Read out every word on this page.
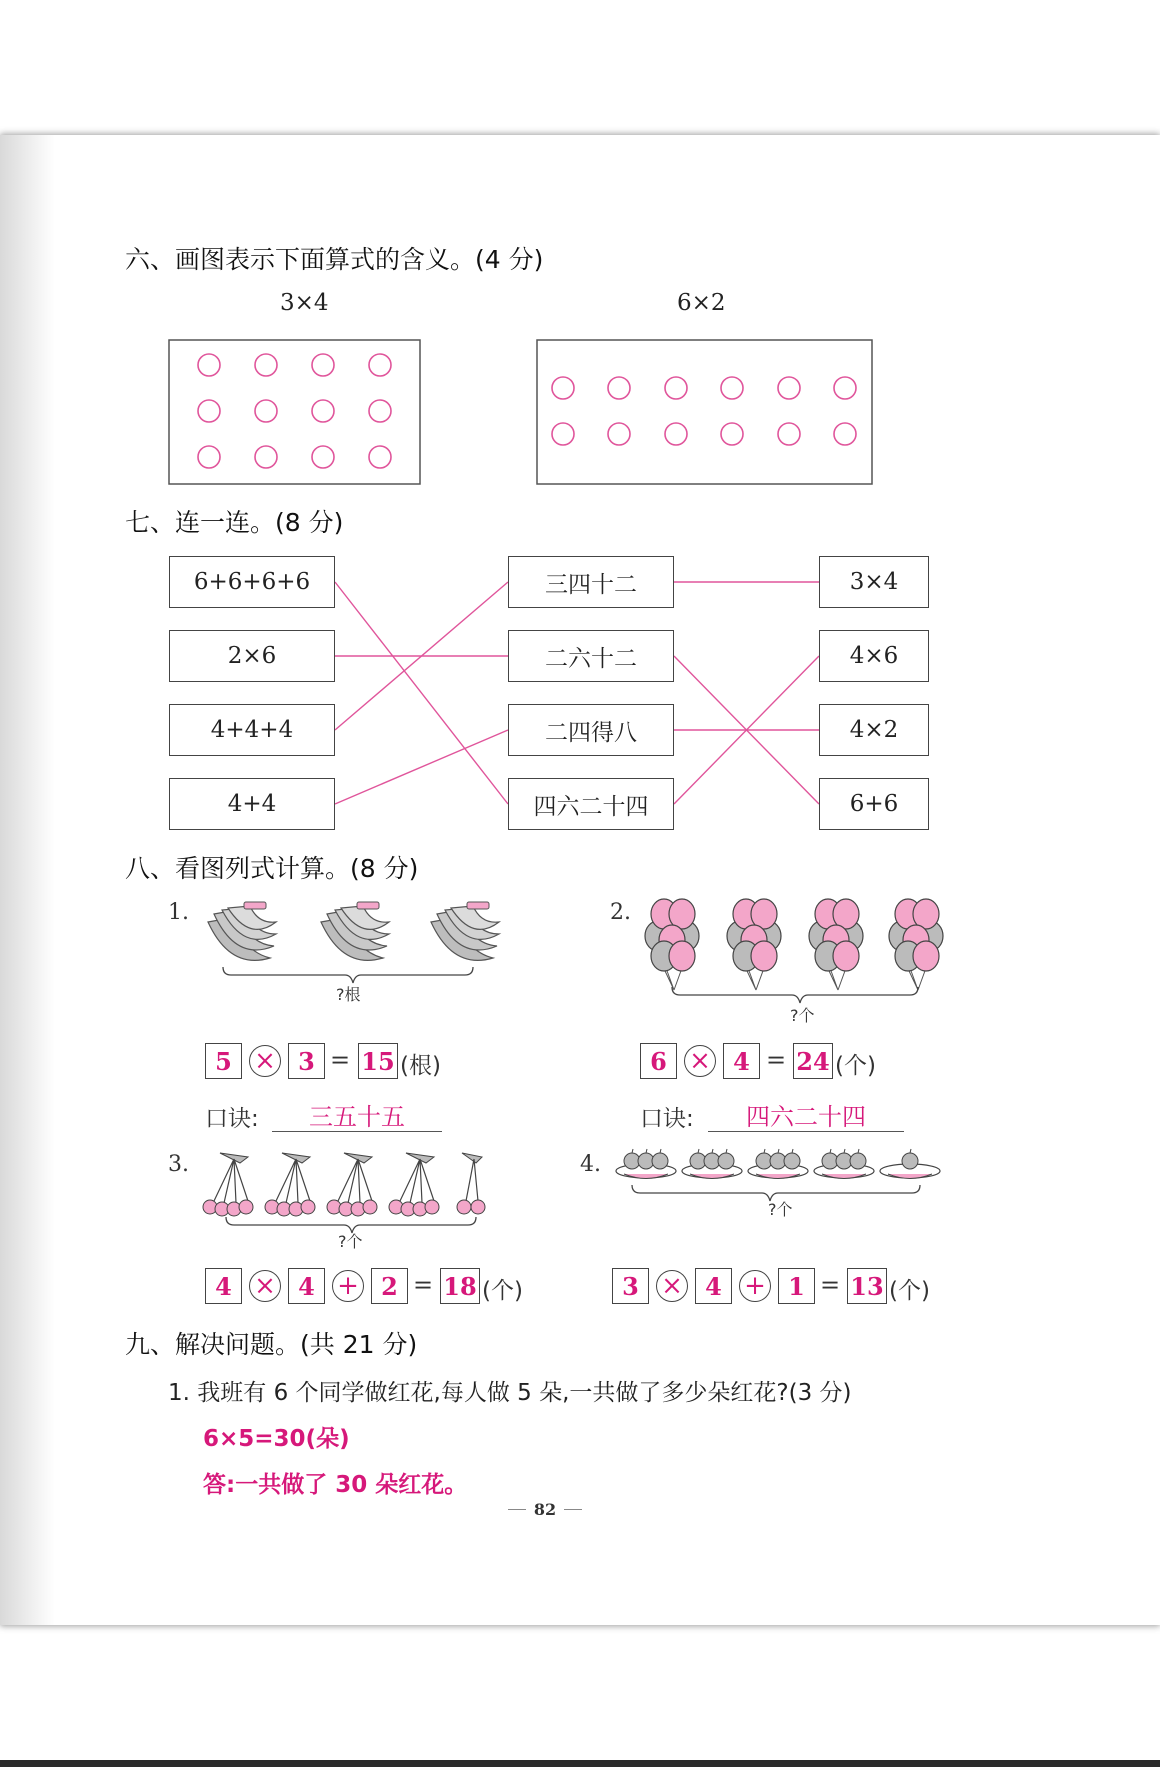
六、画图表示下面算式的含义。(4 分)
3×4	6×2
七、连一连。(8 分)
6+6+6+6
2×6
4+4+4
4+4
三四十二
二六十二
二四得八
四六二十四
3×4
4×6
4×2
6+6
八、看图列式计算。(8 分)
1.
?根
5 × 3 = 15 (根)
口诀:	三五十五
2.
?个
6 × 4 = 24 (个)
口诀:	四六二十四
3.
?个
4 × 4 + 2 = 18 (个)
4.
?个
3 × 4 + 1 = 13 (个)
九、解决问题。(共 21 分)
1. 我班有 6 个同学做红花,每人做 5 朵,一共做了多少朵红花?(3 分)
6×5=30(朵)
答:一共做了 30 朵红花。
82
